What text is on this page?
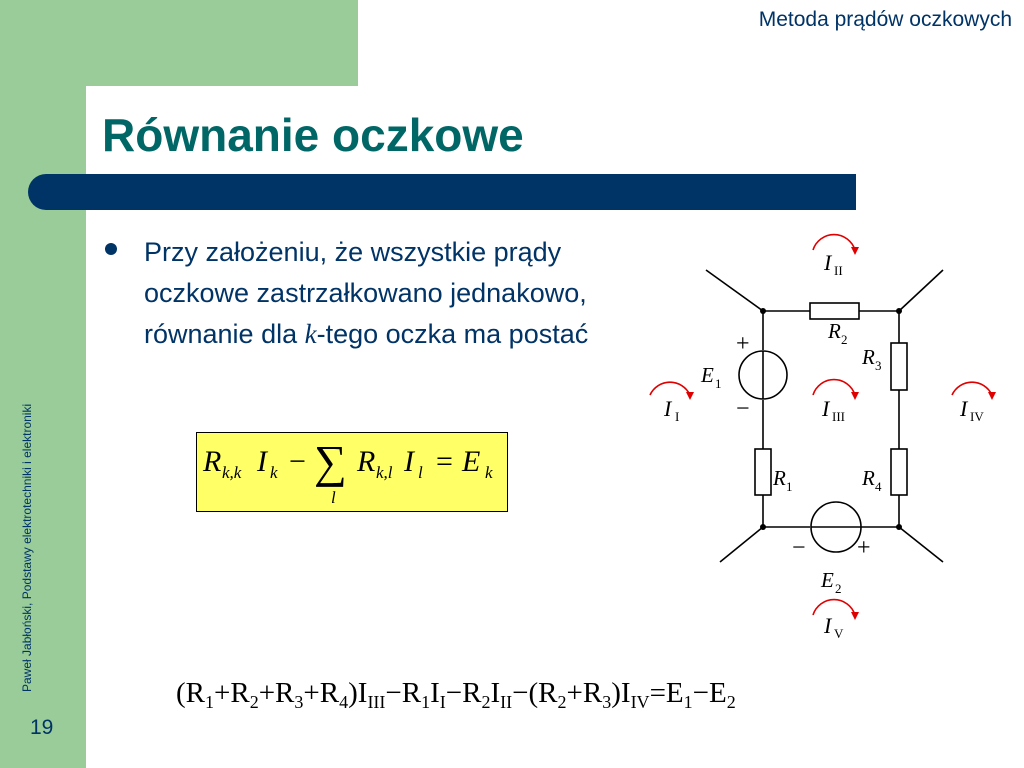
Metoda prądów oczkowych
Równanie oczkowe
Paweł Jabłoński, Podstawy elektrotechniki i elektroniki
19
Przy założeniu, że wszystkie prądy oczkowe zastrzałkowano jednakowo, równanie dla k-tego oczka ma postać
R k,k I k − ∑
l
R k,l I l = E k
I I
I II
I III	I IV
I V
R 1
R 2
R 3
R 4
E 1
E 2
+
−
− +
(R1+R2+R3+R4)IIII−R1II−R2III−(R2+R3)IIV=E1−E2
